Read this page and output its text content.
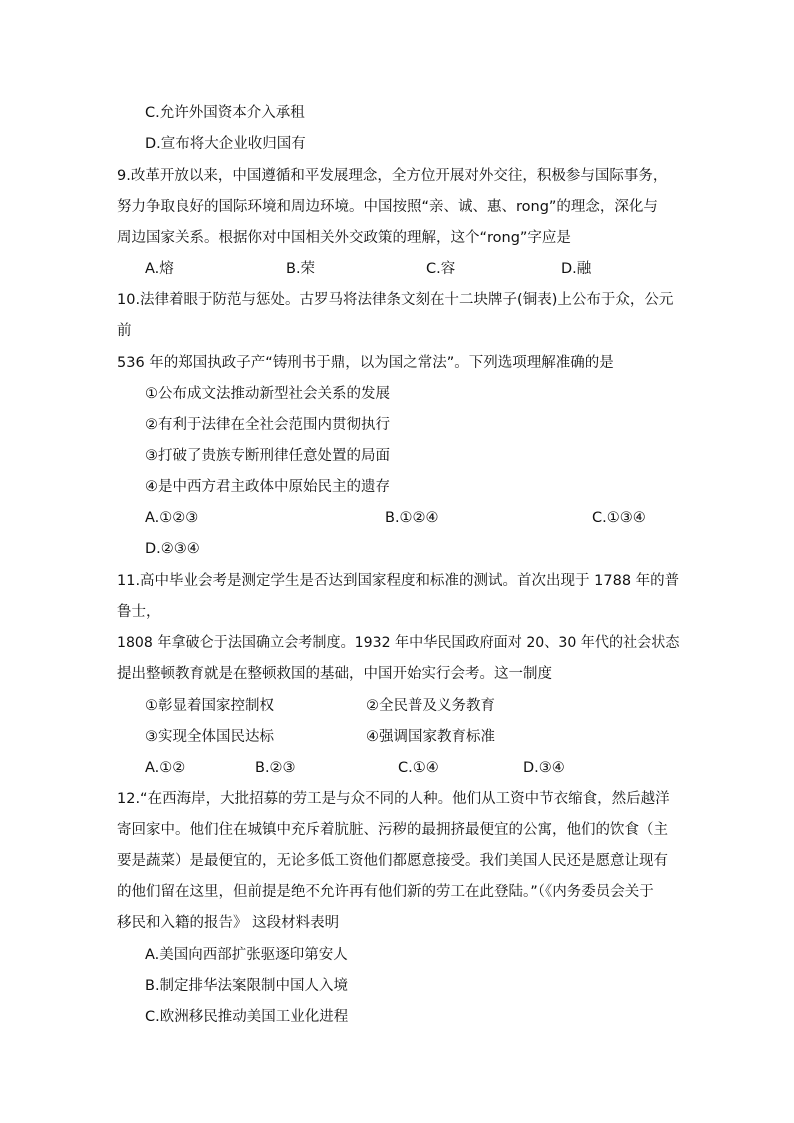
C.允许外国资本介入承租
D.宣布将大企业收归国有
9.改革开放以来，中国遵循和平发展理念，全方位开展对外交往，积极参与国际事务，
努力争取良好的国际环境和周边环境。中国按照“亲、诚、惠、rong”的理念，深化与
周边国家关系。根据你对中国相关外交政策的理解，这个“rong”字应是
A.熔	B.荣	C.容	D.融
10.法律着眼于防范与惩处。古罗马将法律条文刻在十二块牌子(铜表)上公布于众，公元
前
536 年的郑国执政子产“铸刑书于鼎，以为国之常法”。下列选项理解准确的是
①公布成文法推动新型社会关系的发展
②有利于法律在全社会范围内贯彻执行
③打破了贵族专断刑律任意处置的局面
④是中西方君主政体中原始民主的遗存
A.①②③	B.①②④	C.①③④
D.②③④
11.高中毕业会考是测定学生是否达到国家程度和标准的测试。首次出现于 1788 年的普
鲁士，
1808 年拿破仑于法国确立会考制度。1932 年中华民国政府面对 20、30 年代的社会状态
提出整顿教育就是在整顿救国的基础，中国开始实行会考。这一制度
①彰显着国家控制权	②全民普及义务教育
③实现全体国民达标	④强调国家教育标准
A.①②	B.②③	C.①④	D.③④
12.“在西海岸，大批招募的劳工是与众不同的人种。他们从工资中节衣缩食，然后越洋
寄回家中。他们住在城镇中充斥着肮脏、污秽的最拥挤最便宜的公寓，他们的饮食（主
要是蔬菜）是最便宜的，无论多低工资他们都愿意接受。我们美国人民还是愿意让现有
的他们留在这里，但前提是绝不允许再有他们新的劳工在此登陆。”（《内务委员会关于
移民和入籍的报告》 这段材料表明
A.美国向西部扩张驱逐印第安人
B.制定排华法案限制中国人入境
C.欧洲移民推动美国工业化进程
